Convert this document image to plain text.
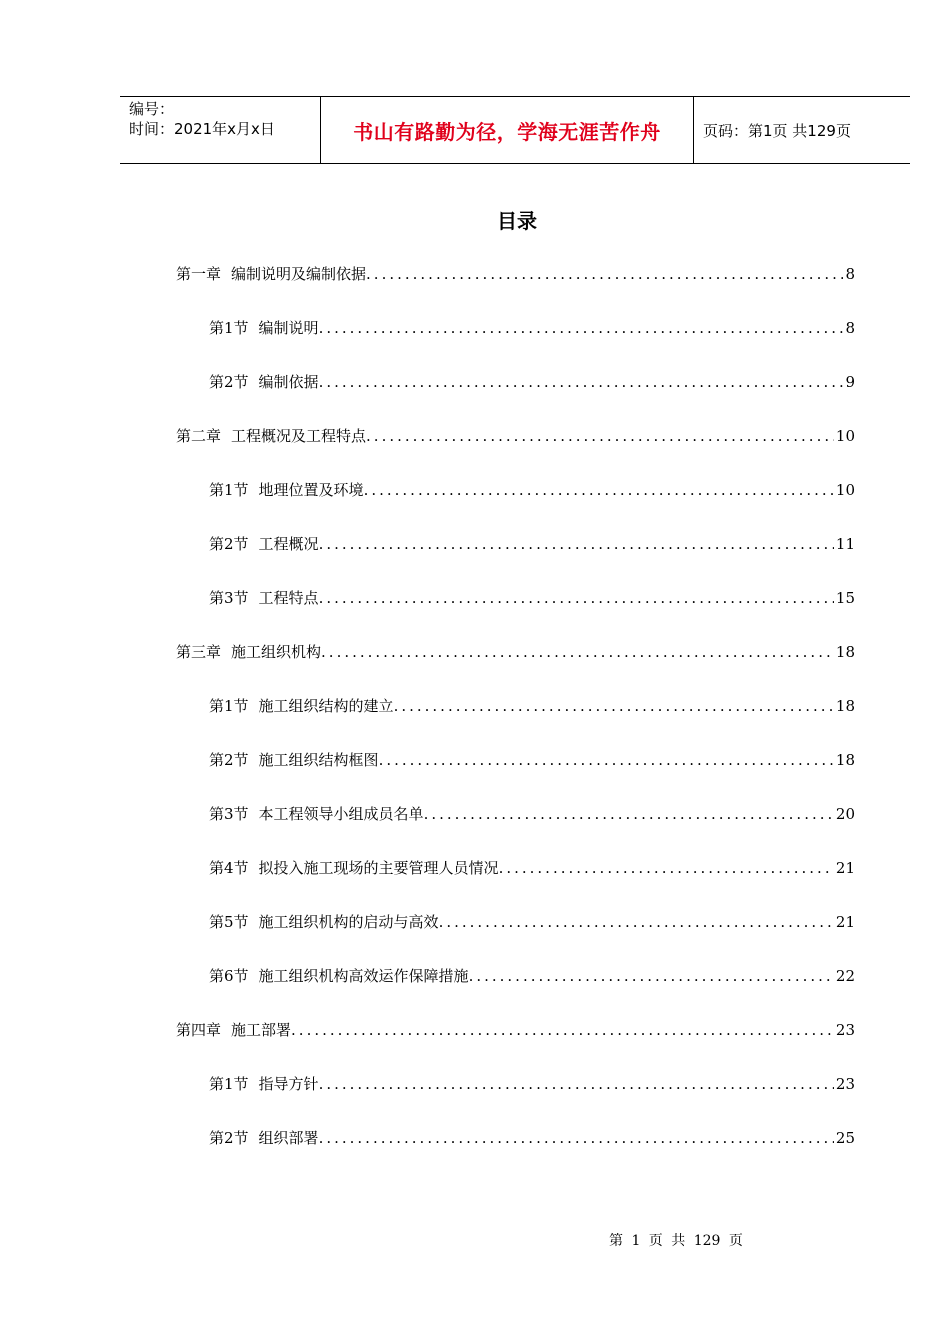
编号：
时间：2021年x月x日	书山有路勤为径，学海无涯苦作舟	页码：第1页 共129页
目录
第一章 编制说明及编制依据 .....	8
第1节 编制说明 .....	8
第2节 编制依据 .....	9
第二章 工程概况及工程特点 .....	10
第1节 地理位置及环境 .....	10
第2节 工程概况 .....	11
第3节 工程特点 .....	15
第三章 施工组织机构 .....	18
第1节 施工组织结构的建立 .....	18
第2节 施工组织结构框图 .....	18
第3节 本工程领导小组成员名单 .....	20
第4节 拟投入施工现场的主要管理人员情况 .....	21
第5节 施工组织机构的启动与高效 .....	21
第6节 施工组织机构高效运作保障措施 .....	22
第四章 施工部署 .....	23
第1节 指导方针 .....	23
第2节 组织部署 .....	25
第 1 页 共 129 页
